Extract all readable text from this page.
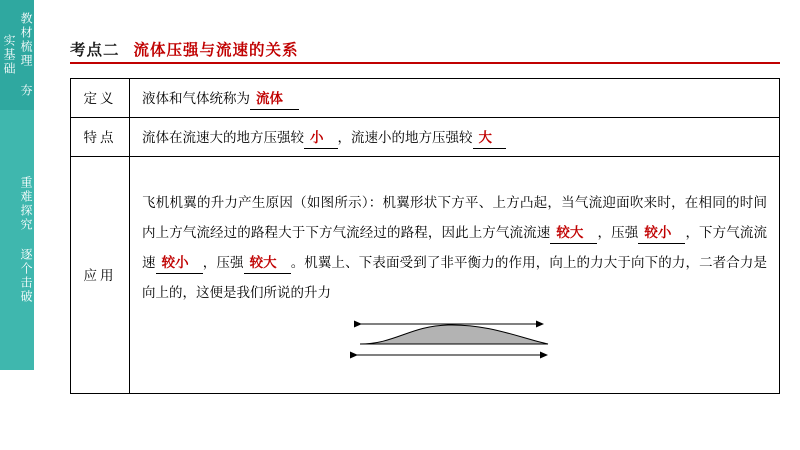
教材梳理 夯实基础
重难探究 逐个击破
考点二 流体压强与流速的关系
定义	液体和气体统称为 流体
特点	流体在流速大的地方压强较 小 ，流速小的地方压强较 大
应用	飞机机翼的升力产生原因（如图所示）：机翼形状下方平、上方凸起，当气流迎面吹来时，在相同的时间内上方气流经过的路程大于下方气流经过的路程，因此上方气流流速 较大 ，压强 较小 ，下方气流流速 较小 ，压强 较大 。机翼上、下表面受到了非平衡力的作用，向上的力大于向下的力，二者合力是向上的，这便是我们所说的升力
